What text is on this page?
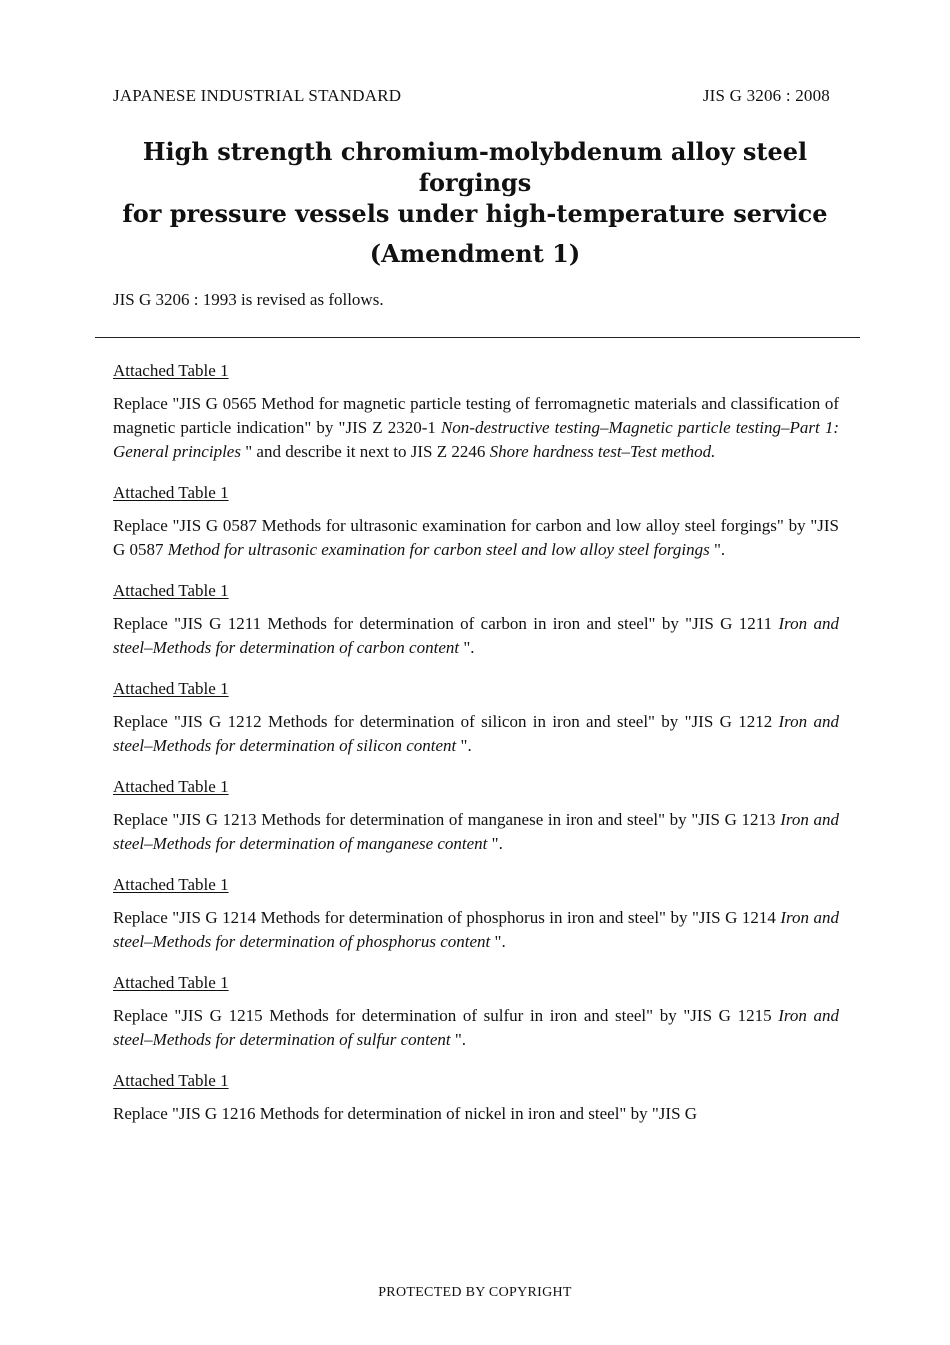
JAPANESE INDUSTRIAL STANDARD	JIS G 3206 : 2008
High strength chromium-molybdenum alloy steel forgings
for pressure vessels under high-temperature service
(Amendment 1)
JIS G 3206 : 1993 is revised as follows.
Attached Table 1

Replace "JIS G 0565 Method for magnetic particle testing of ferromagnetic materials and classification of magnetic particle indication" by "JIS Z 2320-1 Non-destructive testing–Magnetic particle testing–Part 1: General principles " and describe it next to JIS Z 2246 Shore hardness test–Test method.

Attached Table 1

Replace "JIS G 0587 Methods for ultrasonic examination for carbon and low alloy steel forgings" by "JIS G 0587 Method for ultrasonic examination for carbon steel and low alloy steel forgings ".

Attached Table 1

Replace "JIS G 1211 Methods for determination of carbon in iron and steel" by "JIS G 1211 Iron and steel–Methods for determination of carbon content ".

Attached Table 1

Replace "JIS G 1212 Methods for determination of silicon in iron and steel" by "JIS G 1212 Iron and steel–Methods for determination of silicon content ".

Attached Table 1

Replace "JIS G 1213 Methods for determination of manganese in iron and steel" by "JIS G 1213 Iron and steel–Methods for determination of manganese content ".

Attached Table 1

Replace "JIS G 1214 Methods for determination of phosphorus in iron and steel" by "JIS G 1214 Iron and steel–Methods for determination of phosphorus content ".

Attached Table 1

Replace "JIS G 1215 Methods for determination of sulfur in iron and steel" by "JIS G 1215 Iron and steel–Methods for determination of sulfur content ".

Attached Table 1

Replace "JIS G 1216 Methods for determination of nickel in iron and steel" by "JIS G

PROTECTED BY COPYRIGHT
